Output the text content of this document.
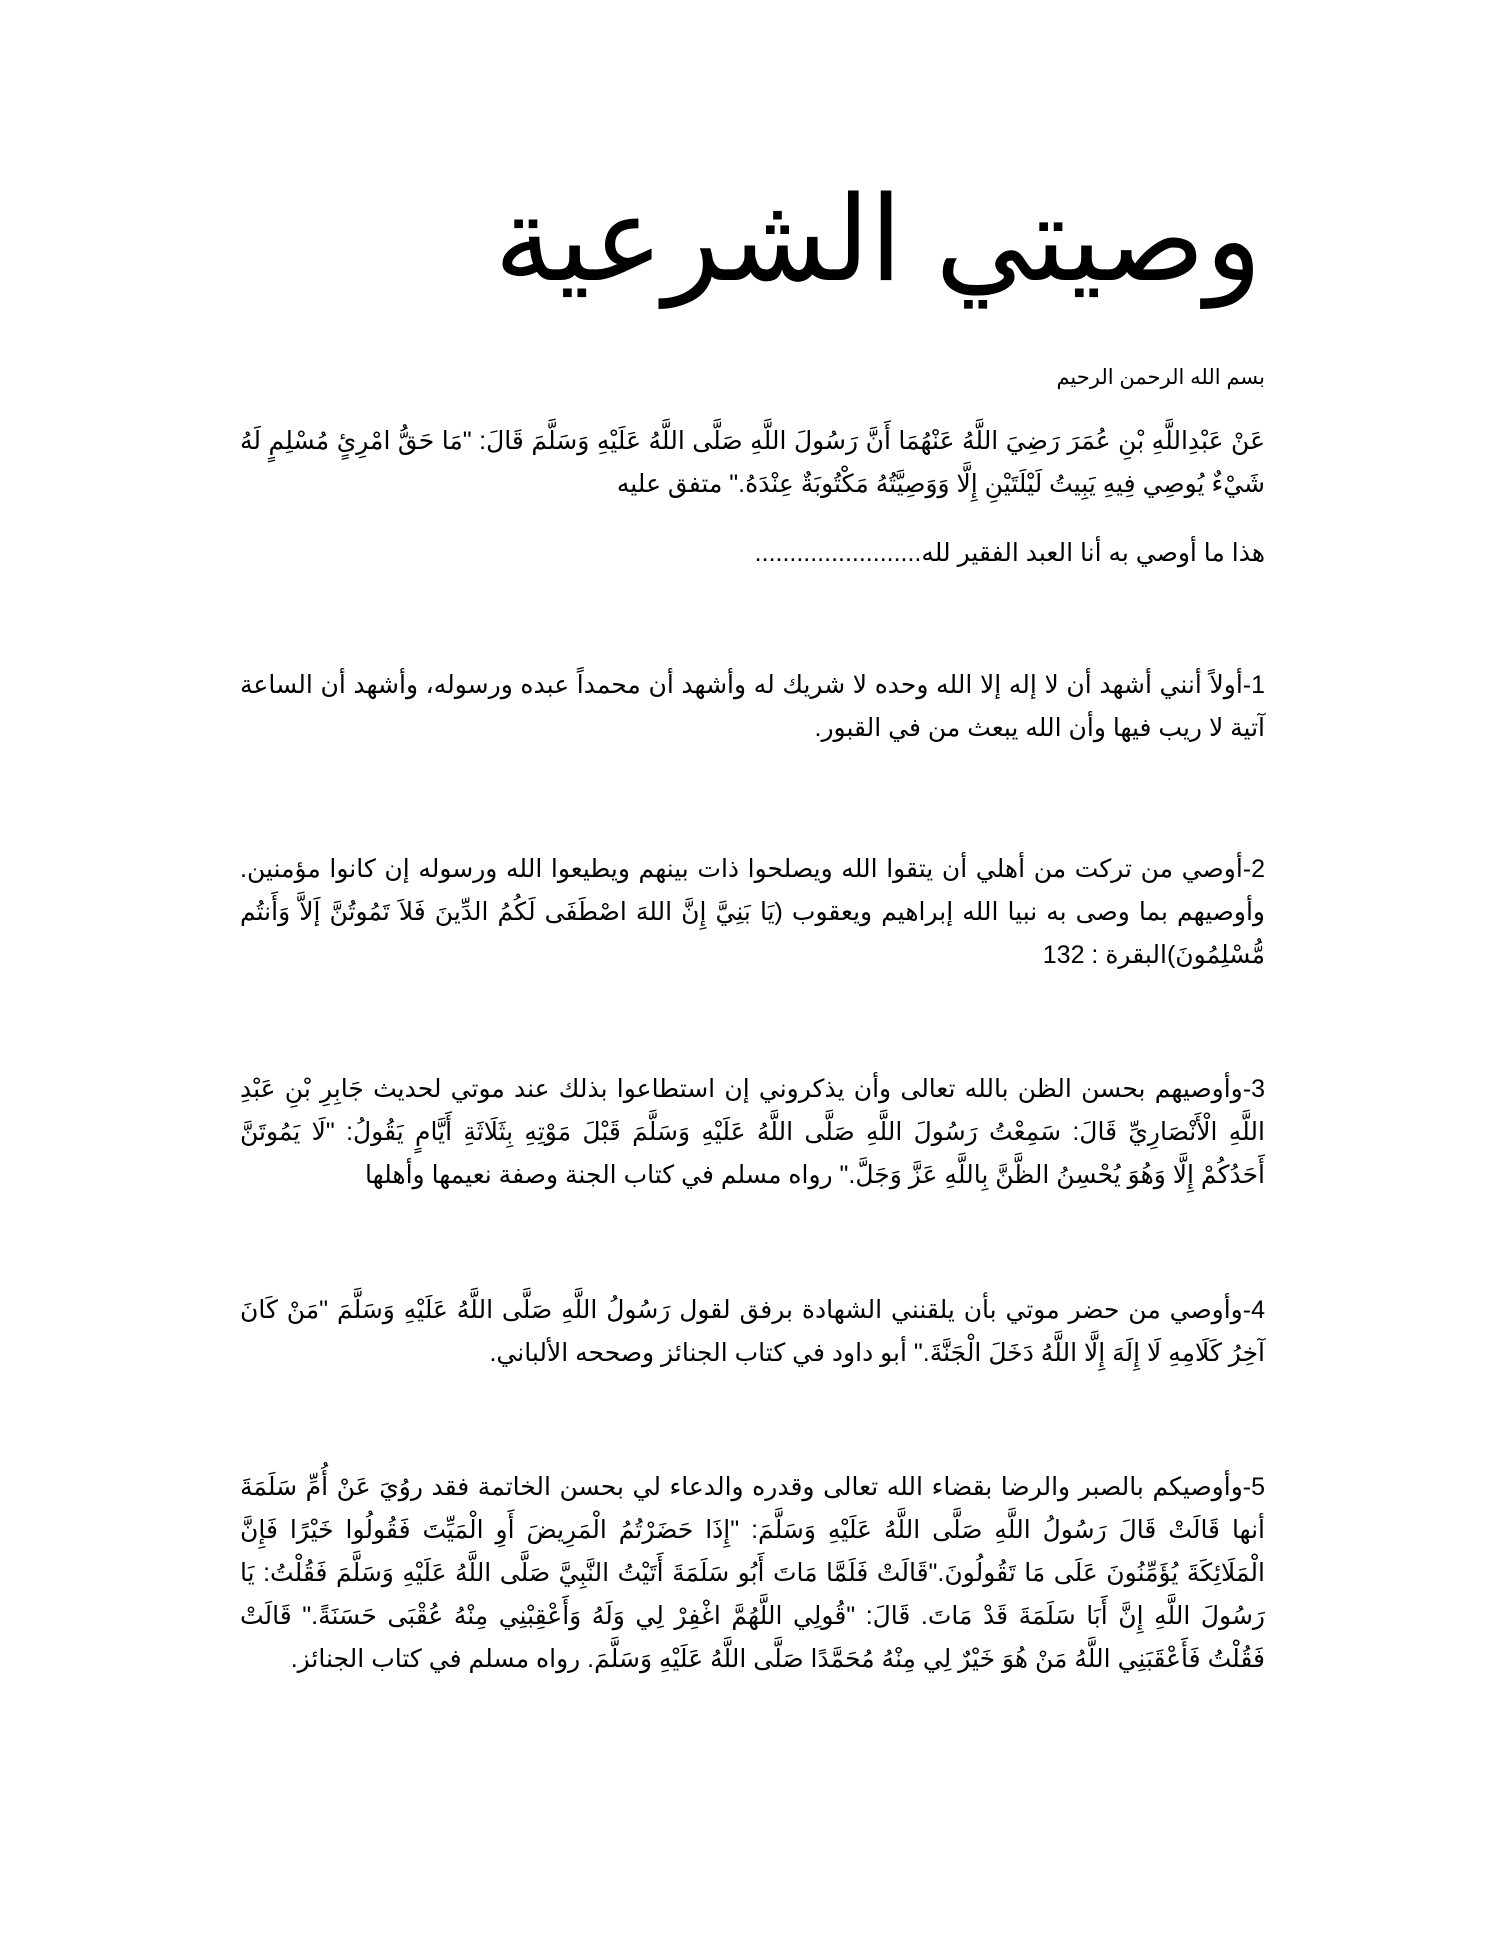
وصيتي الشرعية

بسم الله الرحمن الرحيم

عَنْ عَبْدِاللَّهِ بْنِ عُمَرَ رَضِيَ اللَّهُ عَنْهُمَا أَنَّ رَسُولَ اللَّهِ صَلَّى اللَّهُ عَلَيْهِ وَسَلَّمَ قَالَ: "مَا حَقُّ امْرِئٍ مُسْلِمٍ لَهُ شَيْءٌ يُوصِي فِيهِ يَبِيتُ لَيْلَتَيْنِ إِلَّا وَوَصِيَّتُهُ مَكْتُوبَةٌ عِنْدَهُ." متفق عليه

هذا ما أوصي به أنا العبد الفقير لله........................

1-أولاً أنني أشهد أن لا إله إلا الله وحده لا شريك له وأشهد أن محمداً عبده ورسوله، وأشهد أن الساعة آتية لا ريب فيها وأن الله يبعث من في القبور.

2-أوصي من تركت من أهلي أن يتقوا الله ويصلحوا ذات بينهم ويطيعوا الله ورسوله إن كانوا مؤمنين. وأوصيهم بما وصى به نبيا الله إبراهيم ويعقوب (يَا بَنِيَّ إِنَّ اللهَ اصْطَفَى لَكُمُ الدِّينَ فَلاَ تَمُوتُنَّ إَلاَّ وَأَنتُم مُّسْلِمُونَ)البقرة : 132

3-وأوصيهم بحسن الظن بالله تعالى وأن يذكروني إن استطاعوا بذلك عند موتي لحديث جَابِرِ بْنِ عَبْدِ اللَّهِ الْأَنْصَارِيِّ قَالَ: سَمِعْتُ رَسُولَ اللَّهِ صَلَّى اللَّهُ عَلَيْهِ وَسَلَّمَ قَبْلَ مَوْتِهِ بِثَلَاثَةِ أَيَّامٍ يَقُولُ: "لَا يَمُوتَنَّ أَحَدُكُمْ إِلَّا وَهُوَ يُحْسِنُ الظَّنَّ بِاللَّهِ عَزَّ وَجَلَّ." رواه مسلم في كتاب الجنة وصفة نعيمها وأهلها

4-وأوصي من حضر موتي بأن يلقنني الشهادة برفق لقول رَسُولُ اللَّهِ صَلَّى اللَّهُ عَلَيْهِ وَسَلَّمَ "مَنْ كَانَ آخِرُ كَلَامِهِ لَا إِلَهَ إِلَّا اللَّهُ دَخَلَ الْجَنَّةَ." أبو داود في كتاب الجنائز وصححه الألباني.

5-وأوصيكم بالصبر والرضا بقضاء الله تعالى وقدره والدعاء لي بحسن الخاتمة فقد روُيَ عَنْ أُمِّ سَلَمَةَ أنها قَالَتْ قَالَ رَسُولُ اللَّهِ صَلَّى اللَّهُ عَلَيْهِ وَسَلَّمَ: "إِذَا حَضَرْتُمُ الْمَرِيضَ أَوِ الْمَيِّتَ فَقُولُوا خَيْرًا فَإِنَّ الْمَلَائِكَةَ يُؤَمِّنُونَ عَلَى مَا تَقُولُونَ."قَالَتْ فَلَمَّا مَاتَ أَبُو سَلَمَةَ أَتَيْتُ النَّبِيَّ صَلَّى اللَّهُ عَلَيْهِ وَسَلَّمَ فَقُلْتُ: يَا رَسُولَ اللَّهِ إِنَّ أَبَا سَلَمَةَ قَدْ مَاتَ. قَالَ: "قُولِي اللَّهُمَّ اغْفِرْ لِي وَلَهُ وَأَعْقِبْنِي مِنْهُ عُقْبَى حَسَنَةً." قَالَتْ فَقُلْتُ فَأَعْقَبَنِي اللَّهُ مَنْ هُوَ خَيْرٌ لِي مِنْهُ مُحَمَّدًا صَلَّى اللَّهُ عَلَيْهِ وَسَلَّمَ. رواه مسلم في كتاب الجنائز.
